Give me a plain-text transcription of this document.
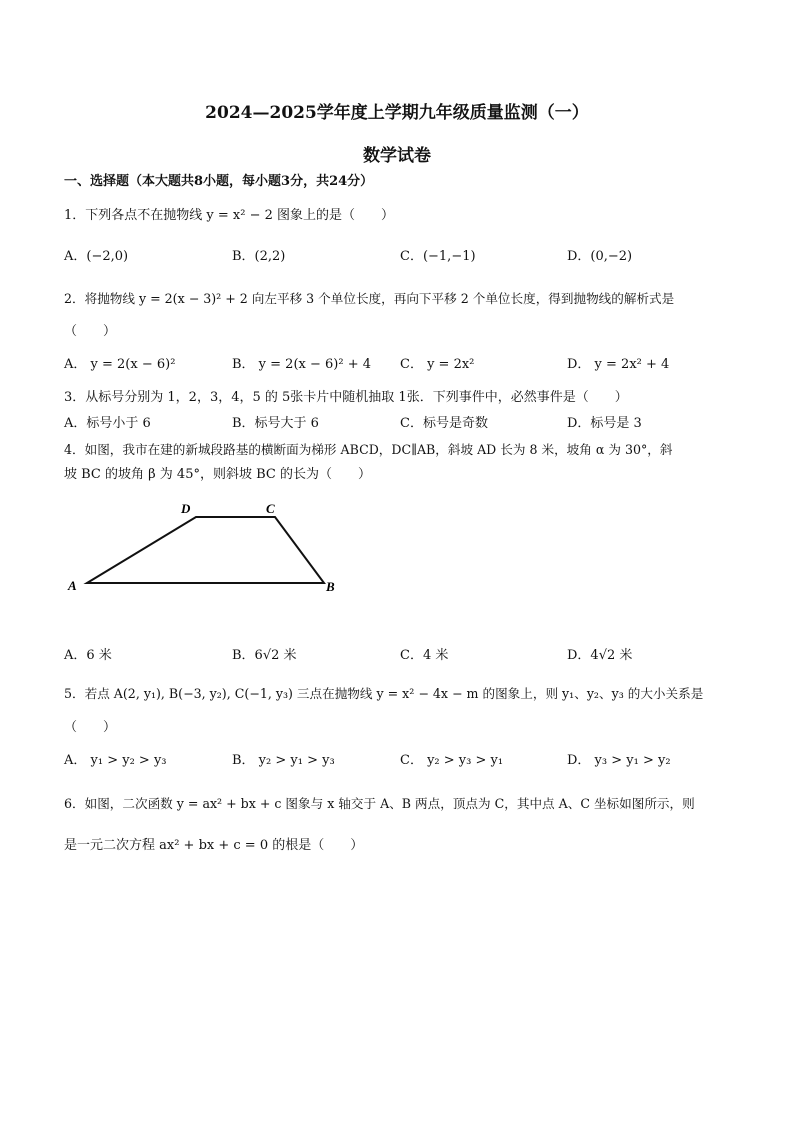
2024—2025学年度上学期九年级质量监测（一）
数学试卷
一、选择题（本大题共8小题，每小题3分，共24分）
1．下列各点不在抛物线 y = x² − 2 图象上的是（　　）
A．(−2,0)	B．(2,2)	C．(−1,−1)	D．(0,−2)
2．将抛物线 y = 2(x − 3)² + 2 向左平移 3 个单位长度，再向下平移 2 个单位长度，得到抛物线的解析式是
（　　）
A． y = 2(x − 6)²	B． y = 2(x − 6)² + 4 C． y = 2x²	D． y = 2x² + 4
3．从标号分别为 1，2，3，4，5 的 5张卡片中随机抽取 1张．下列事件中，必然事件是（　　）
A．标号小于 6	B．标号大于 6	C．标号是奇数	D．标号是 3
4．如图，我市在建的新城段路基的横断面为梯形 ABCD，DC∥AB，斜坡 AD 长为 8 米，坡角 α 为 30°，斜
坡 BC 的坡角 β 为 45°，则斜坡 BC 的长为（　　）
A	B
C
D
A．6 米	B．6√2 米	C．4 米	D．4√2 米
5．若点 A(2, y₁), B(−3, y₂), C(−1, y₃) 三点在抛物线 y = x² − 4x − m 的图象上，则 y₁、y₂、y₃ 的大小关系是
（　　）
A． y₁ > y₂ > y₃	B． y₂ > y₁ > y₃	C． y₂ > y₃ > y₁	D． y₃ > y₁ > y₂
6．如图，二次函数 y = ax² + bx + c 图象与 x 轴交于 A、B 两点，顶点为 C，其中点 A、C 坐标如图所示，则
是一元二次方程 ax² + bx + c = 0 的根是（　　）
